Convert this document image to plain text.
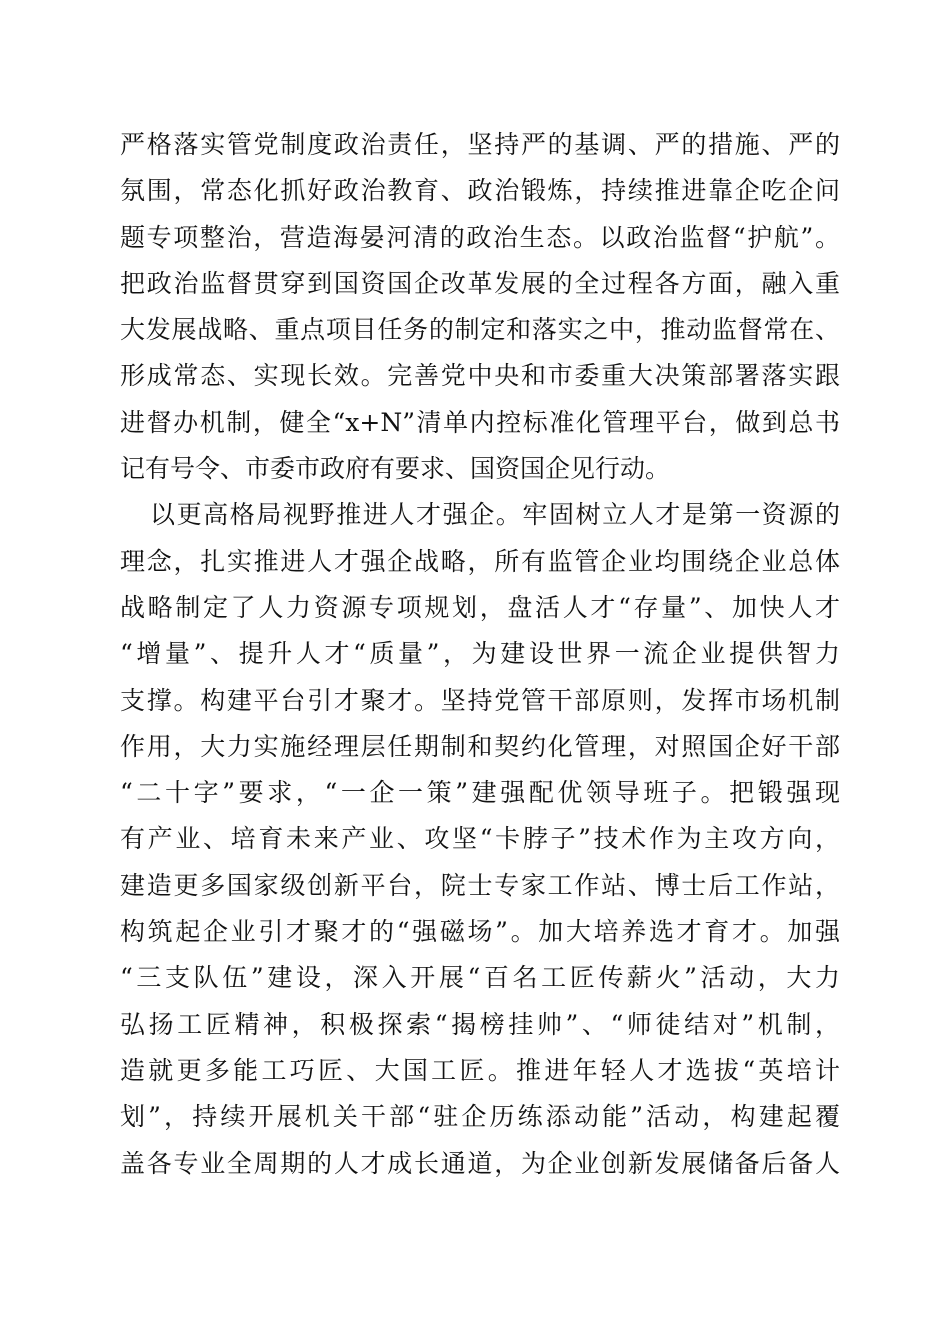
严格落实管党制度政治责任，坚持严的基调、严的措施、严的
氛围，常态化抓好政治教育、政治锻炼，持续推进靠企吃企问
题专项整治，营造海晏河清的政治生态。以政治监督“护航”。
把政治监督贯穿到国资国企改革发展的全过程各方面，融入重
大发展战略、重点项目任务的制定和落实之中，推动监督常在、
形成常态、实现长效。完善党中央和市委重大决策部署落实跟
进督办机制，健全“x+N”清单内控标准化管理平台，做到总书
记有号令、市委市政府有要求、国资国企见行动。
以更高格局视野推进人才强企。牢固树立人才是第一资源的
理念，扎实推进人才强企战略，所有监管企业均围绕企业总体
战略制定了人力资源专项规划，盘活人才“存量”、加快人才
“增量”、提升人才“质量”，为建设世界一流企业提供智力
支撑。构建平台引才聚才。坚持党管干部原则，发挥市场机制
作用，大力实施经理层任期制和契约化管理，对照国企好干部
“二十字”要求，“一企一策”建强配优领导班子。把锻强现
有产业、培育未来产业、攻坚“卡脖子”技术作为主攻方向，
建造更多国家级创新平台，院士专家工作站、博士后工作站，
构筑起企业引才聚才的“强磁场”。加大培养选才育才。加强
“三支队伍”建设，深入开展“百名工匠传薪火”活动，大力
弘扬工匠精神，积极探索“揭榜挂帅”、“师徒结对”机制，
造就更多能工巧匠、大国工匠。推进年轻人才选拔“英培计
划”，持续开展机关干部“驻企历练添动能”活动，构建起覆
盖各专业全周期的人才成长通道，为企业创新发展储备后备人
